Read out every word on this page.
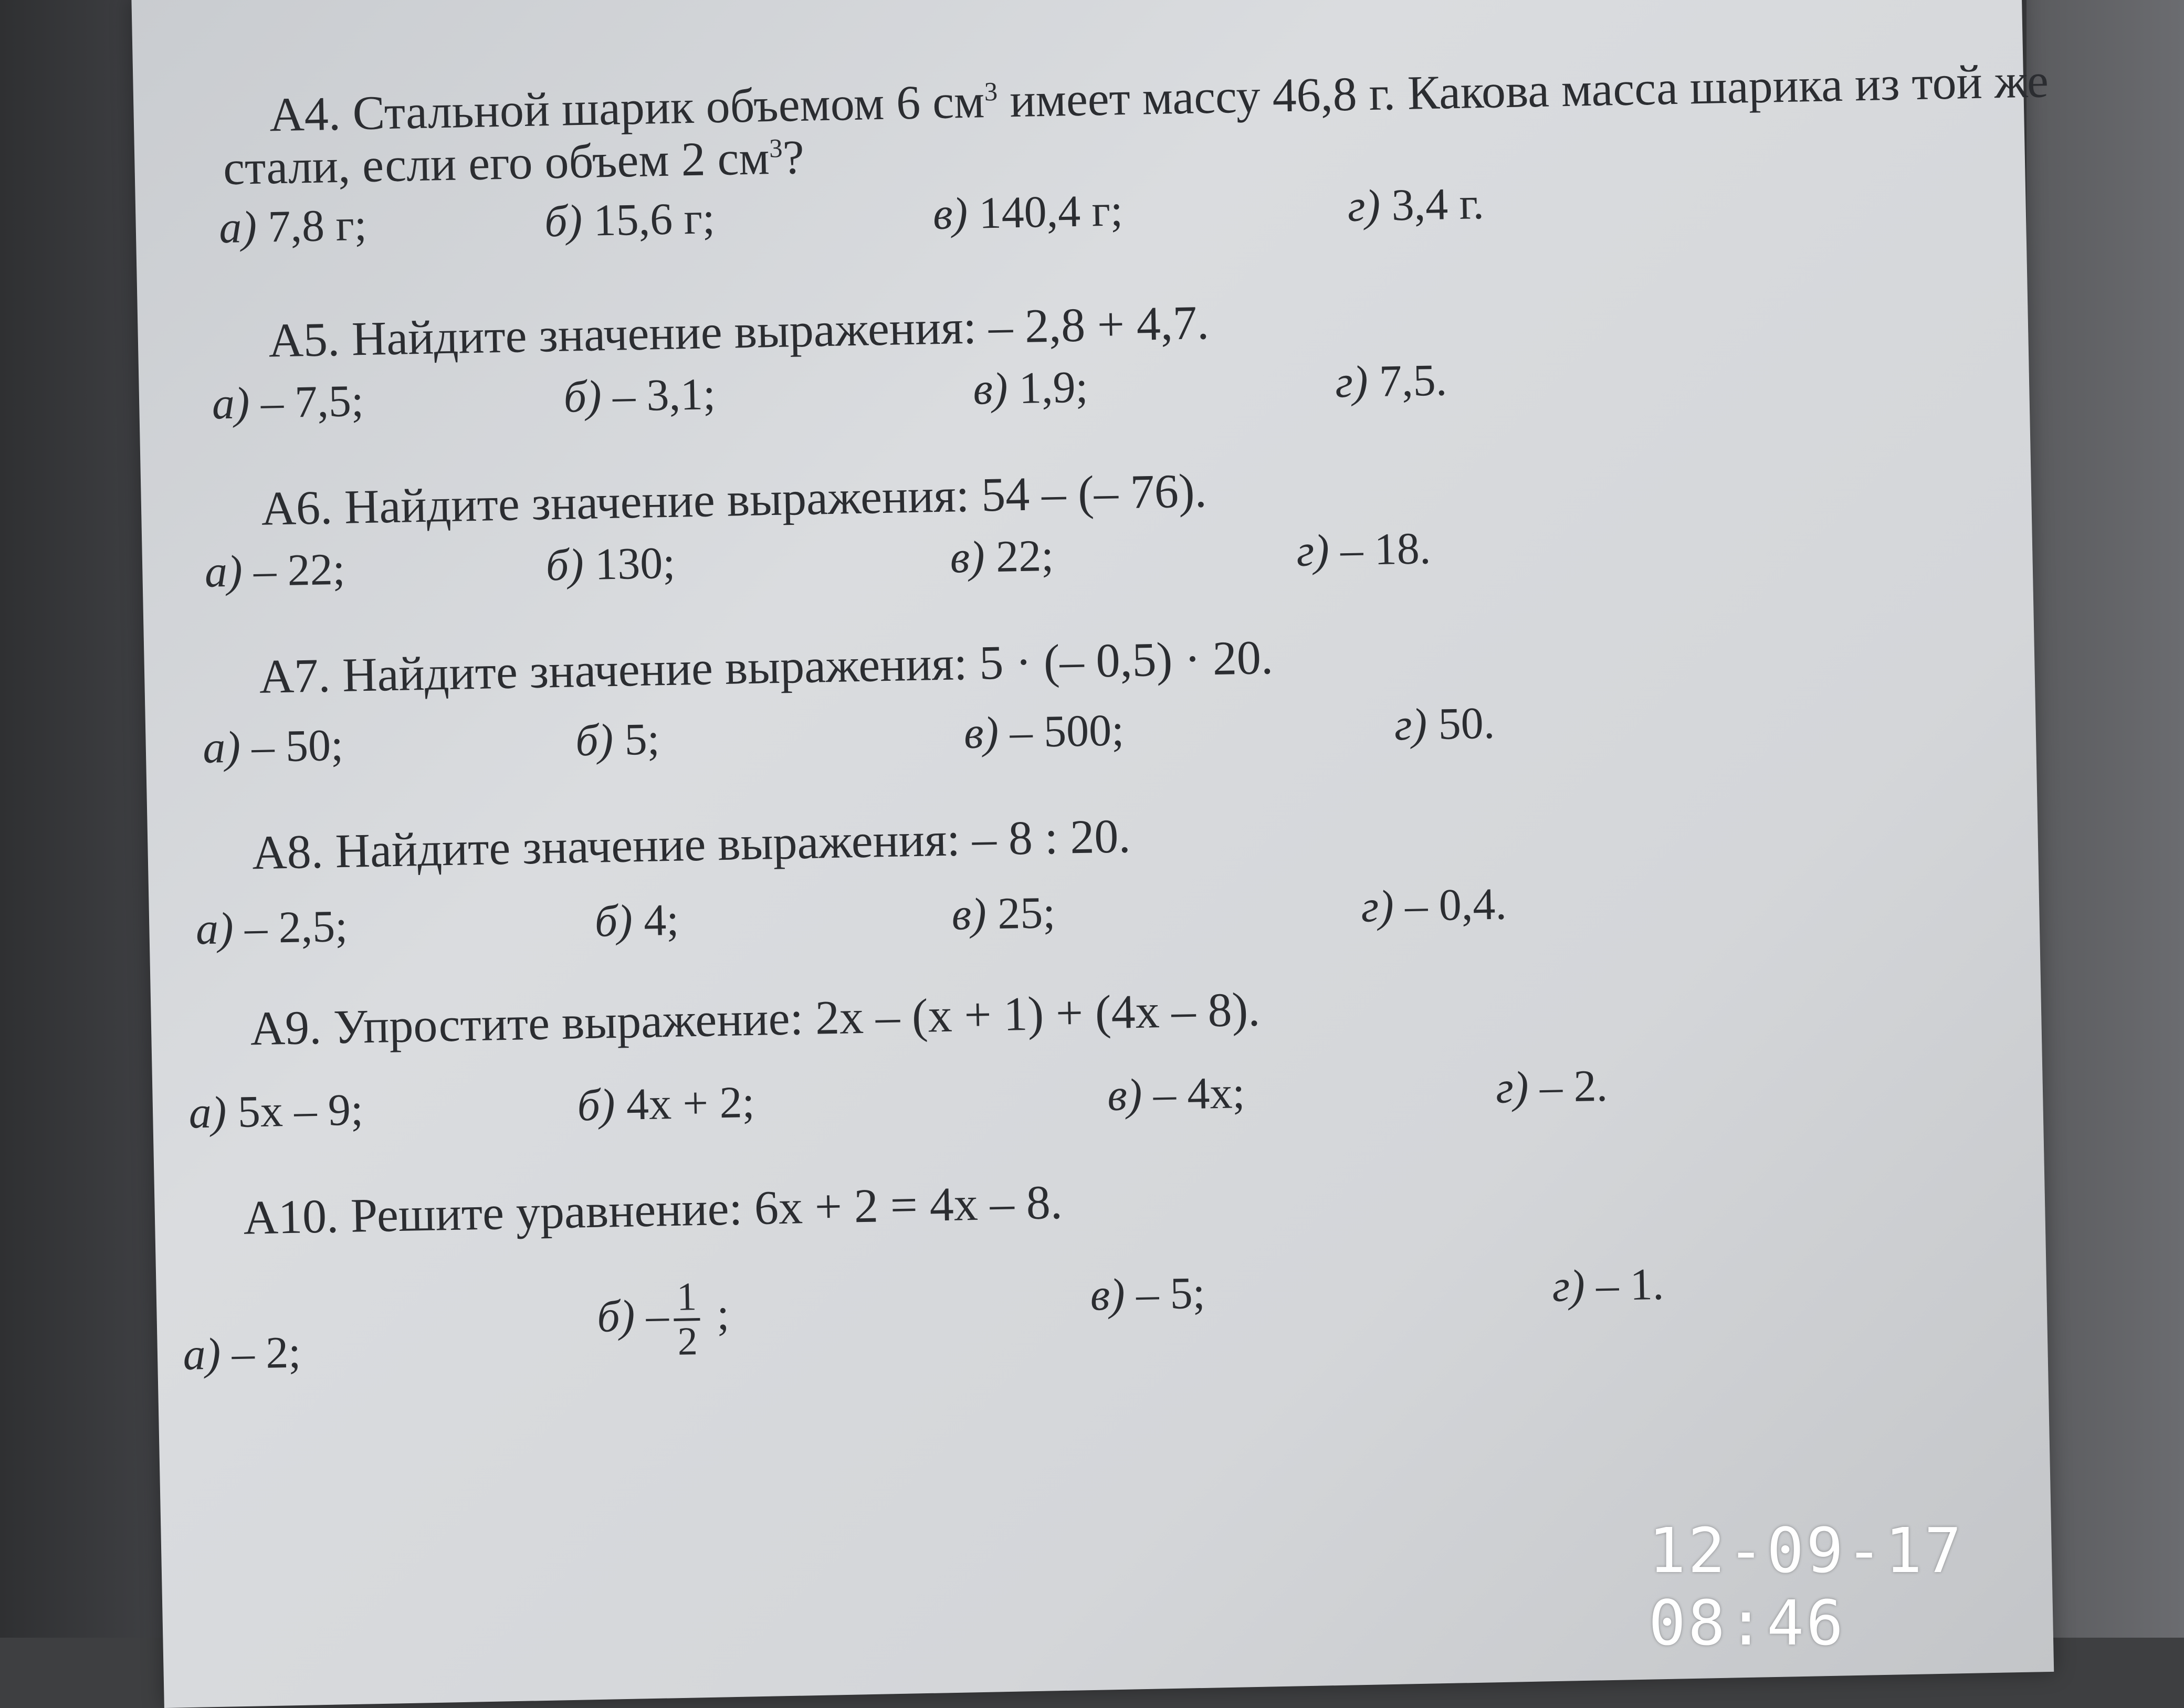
А4. Стальной шарик объемом 6 $см^3$ имеет массу 46,8 г. Какова масса шарика из той же
стали, если его объем 2 $см^3$?
а) 7,8 г;	б) 15,6 г;	в) 140,4 г;	г) 3,4 г.
А5. Найдите значение выражения: – 2,8 + 4,7.
а) – 7,5;	б) – 3,1;	в) 1,9;	г) 7,5.
А6. Найдите значение выражения: 54 – (– 76).
а) – 22;	б) 130;	в) 22;	г) – 18.
А7. Найдите значение выражения: 5 · (– 0,5) · 20.
а) – 50;	б) 5;	в) – 500;	г) 50.
А8. Найдите значение выражения: – 8 : 20.
а) – 2,5;	б) 4;	в) 25;	г) – 0,4.
А9. Упростите выражение: 2x – (x + 1) + (4x – 8).
а) 5x – 9;	б) 4x + 2;	в) – 4x;	г) – 2.
А10. Решите уравнение: 6x + 2 = 4x – 8.
а) – 2;
$б) - \frac{1}{2}$ ;	в) – 5;	г) – 1.
12-09-17 08:46
